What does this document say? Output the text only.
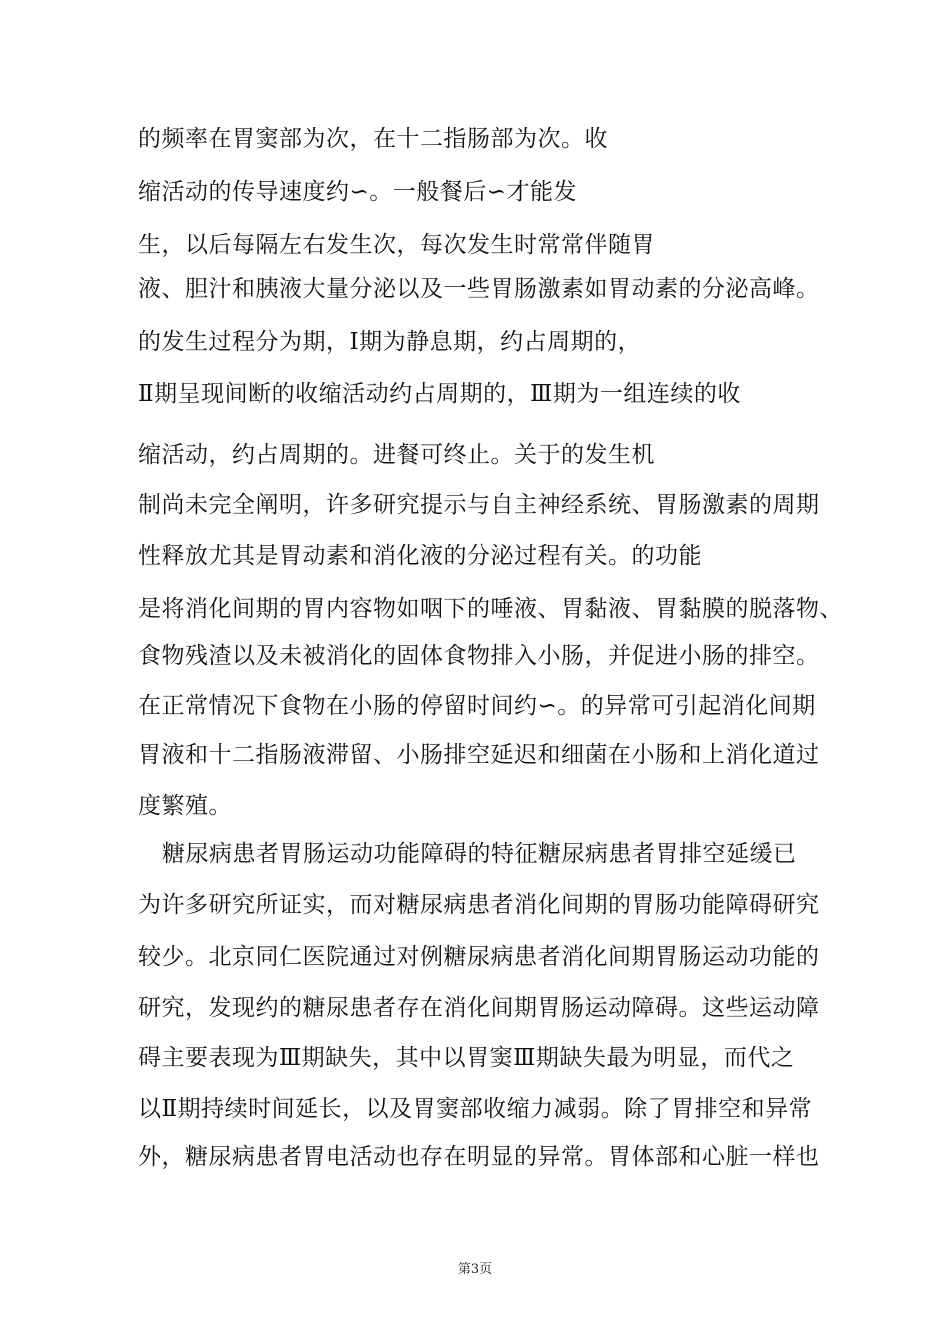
的频率在胃窦部为次，在十二指肠部为次。收
缩活动的传导速度约∽。一般餐后∽才能发
生，以后每隔左右发生次，每次发生时常常伴随胃
液、胆汁和胰液大量分泌以及一些胃肠激素如胃动素的分泌高峰。
的发生过程分为期，Ⅰ期为静息期，约占周期的，
Ⅱ期呈现间断的收缩活动约占周期的，Ⅲ期为一组连续的收
缩活动，约占周期的。进餐可终止。关于的发生机
制尚未完全阐明，许多研究提示与自主神经系统、胃肠激素的周期
性释放尤其是胃动素和消化液的分泌过程有关。的功能
是将消化间期的胃内容物如咽下的唾液、胃黏液、胃黏膜的脱落物、
食物残渣以及未被消化的固体食物排入小肠，并促进小肠的排空。
在正常情况下食物在小肠的停留时间约∽。的异常可引起消化间期
胃液和十二指肠液滞留、小肠排空延迟和细菌在小肠和上消化道过
度繁殖。
糖尿病患者胃肠运动功能障碍的特征糖尿病患者胃排空延缓已
为许多研究所证实，而对糖尿病患者消化间期的胃肠功能障碍研究
较少。北京同仁医院通过对例糖尿病患者消化间期胃肠运动功能的
研究，发现约的糖尿患者存在消化间期胃肠运动障碍。这些运动障
碍主要表现为Ⅲ期缺失，其中以胃窦Ⅲ期缺失最为明显，而代之
以Ⅱ期持续时间延长，以及胃窦部收缩力减弱。除了胃排空和异常
外，糖尿病患者胃电活动也存在明显的异常。胃体部和心脏一样也
第3页
